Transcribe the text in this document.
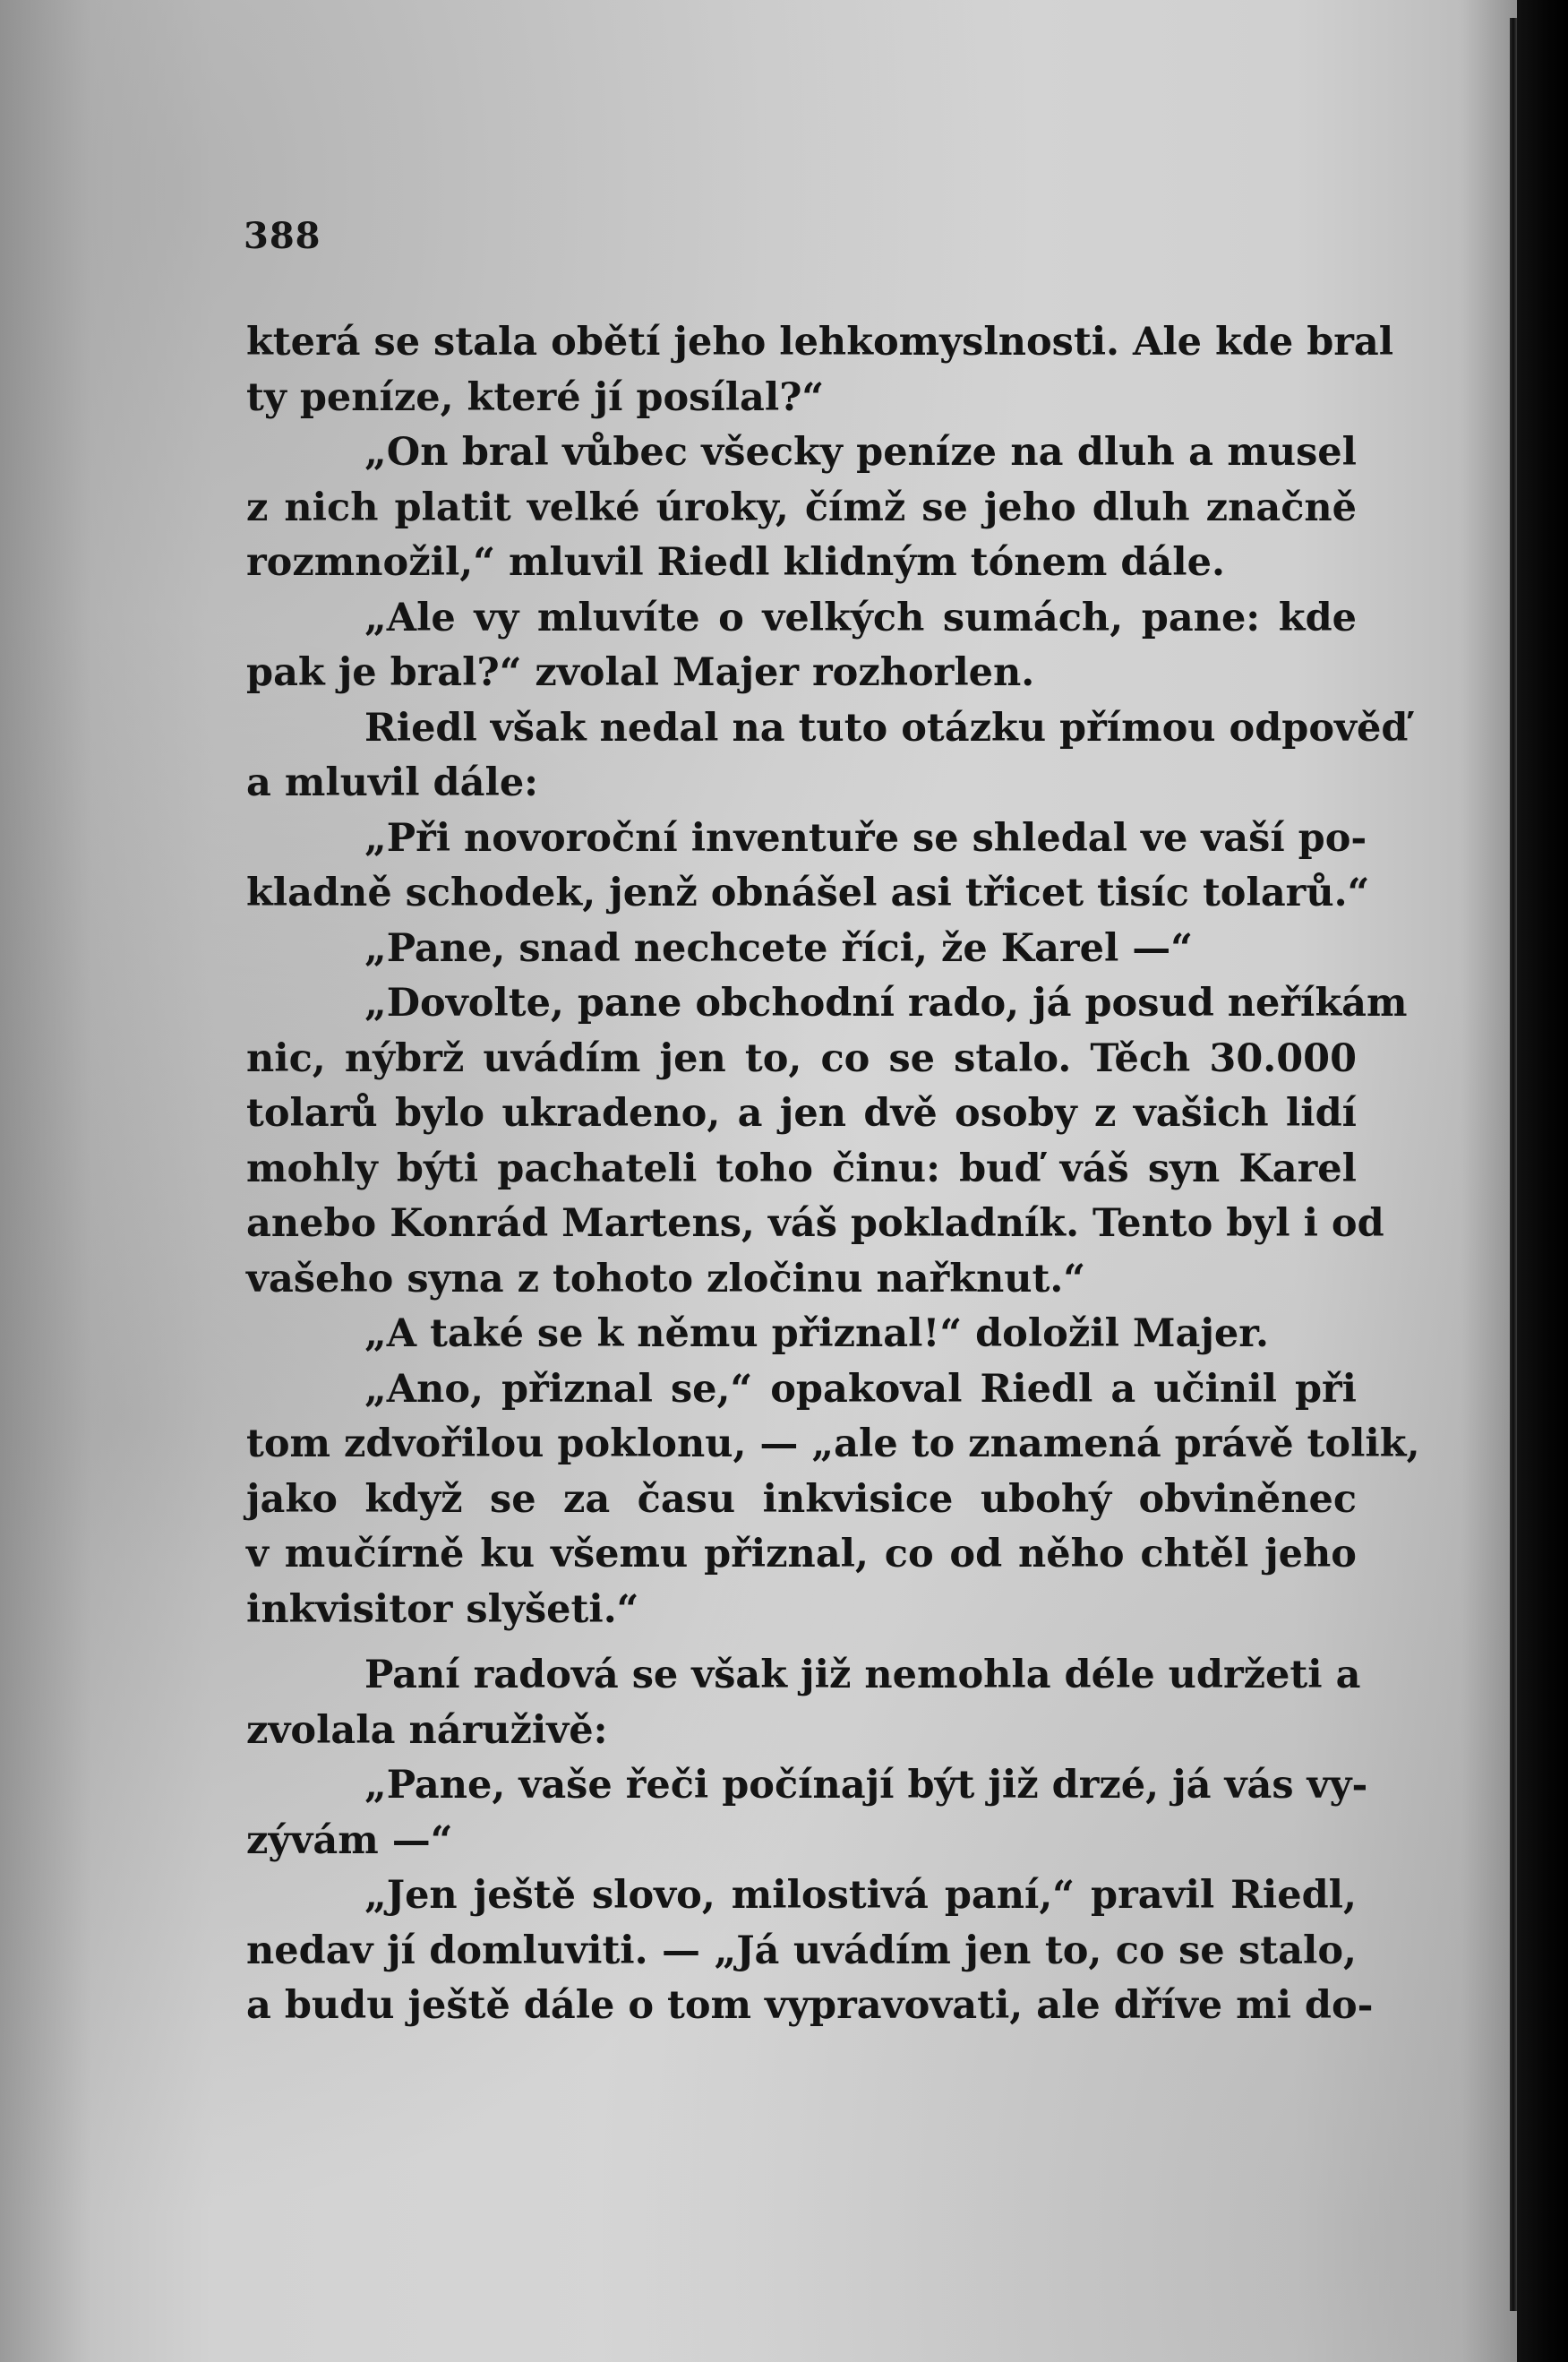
388
která se stala obětí jeho lehkomyslnosti. Ale kde bral
ty peníze, které jí posílal?“
„On bral vůbec všecky peníze na dluh a musel
z nich platit velké úroky, čímž se jeho dluh značně
rozmnožil,“ mluvil Riedl klidným tónem dále.
„Ale vy mluvíte o velkých sumách, pane: kde
pak je bral?“ zvolal Majer rozhorlen.
Riedl však nedal na tuto otázku přímou odpověď
a mluvil dále:
„Při novoroční inventuře se shledal ve vaší po-
kladně schodek, jenž obnášel asi třicet tisíc tolarů.“
„Pane, snad nechcete říci, že Karel —“
„Dovolte, pane obchodní rado, já posud neříkám
nic, nýbrž uvádím jen to, co se stalo. Těch 30.000
tolarů bylo ukradeno, a jen dvě osoby z vašich lidí
mohly býti pachateli toho činu: buď váš syn Karel
anebo Konrád Martens, váš pokladník. Tento byl i od
vašeho syna z tohoto zločinu nařknut.“
„A také se k němu přiznal!“ doložil Majer.
„Ano, přiznal se,“ opakoval Riedl a učinil při
tom zdvořilou poklonu, — „ale to znamená právě tolik,
jako když se za času inkvisice ubohý obviněnec
v mučírně ku všemu přiznal, co od něho chtěl jeho
inkvisitor slyšeti.“
Paní radová se však již nemohla déle udržeti a
zvolala náruživě:
„Pane, vaše řeči počínají být již drzé, já vás vy-
zývám —“
„Jen ještě slovo, milostivá paní,“ pravil Riedl,
nedav jí domluviti. — „Já uvádím jen to, co se stalo,
a budu ještě dále o tom vypravovati, ale dříve mi do-
